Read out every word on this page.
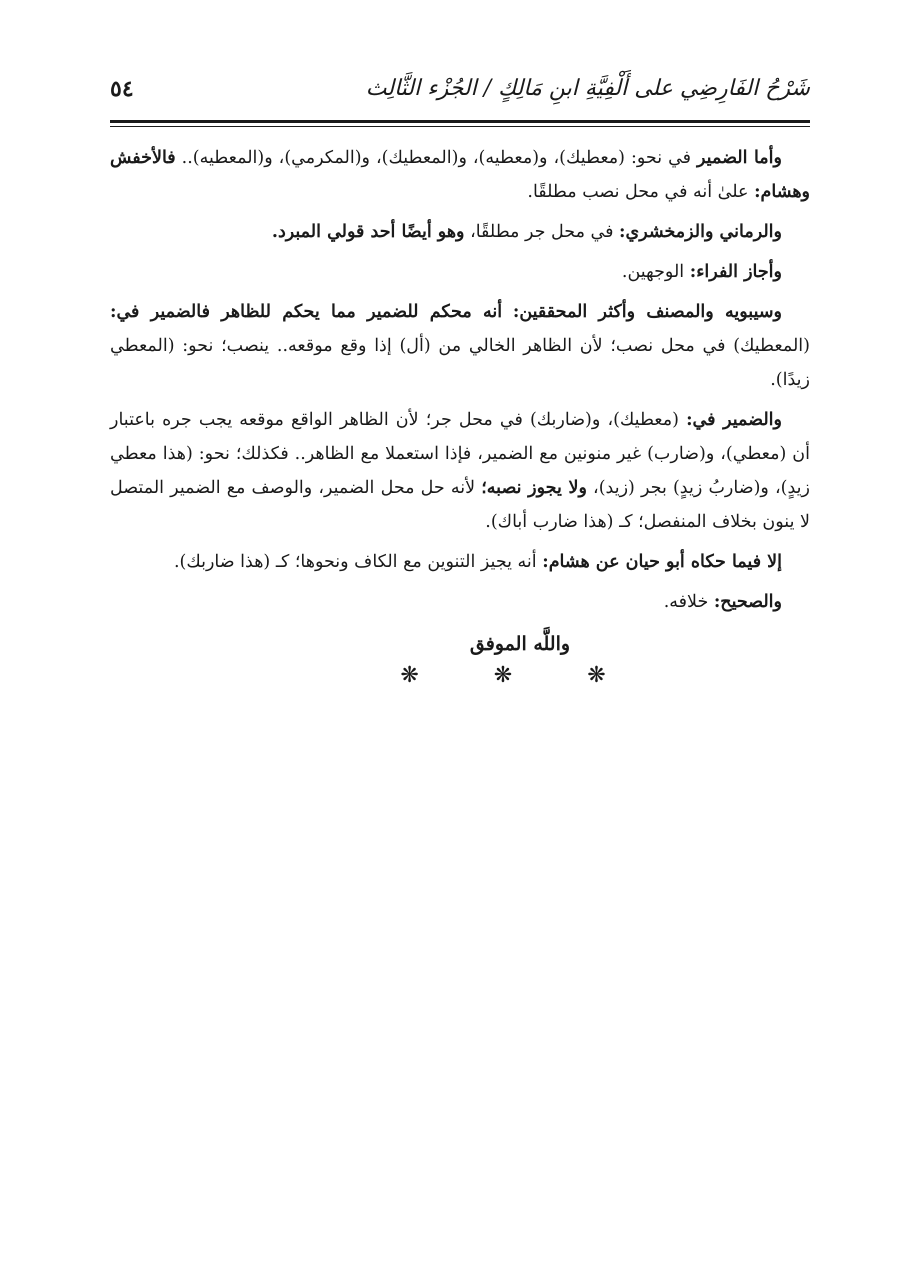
شَرْحُ الفَارِضِي على أَلْفِيَّةِ ابنِ مَالِكٍ / الجُزْء الثَّالِث
٥٤

وأما الضمير في نحو: (معطيك)، و(معطيه)، و(المعطيك)، و(المكرمي)، و(المعطيه).. فالأخفش وهشام: علىٰ أنه في محل نصب مطلقًا.

والرماني والزمخشري: في محل جر مطلقًا، وهو أيضًا أحد قولي المبرد.

وأجاز الفراء: الوجهين.

وسيبويه والمصنف وأكثر المحققين: أنه محكم للضمير مما يحكم للظاهر فالضمير في: (المعطيك) في محل نصب؛ لأن الظاهر الخالي من (أل) إذا وقع موقعه.. ينصب؛ نحو: (المعطي زيدًا).

والضمير في: (معطيك)، و(ضاربك) في محل جر؛ لأن الظاهر الواقع موقعه يجب جره باعتبار أن (معطي)، و(ضارب) غير منونين مع الضمير، فإذا استعملا مع الظاهر.. فكذلك؛ نحو: (هذا معطي زيدٍ)، و(ضاربُ زيدٍ) بجر (زيد)، ولا يجوز نصبه؛ لأنه حل محل الضمير، والوصف مع الضمير المتصل لا ينون بخلاف المنفصل؛ كـ (هذا ضارب أباك).

إلا فيما حكاه أبو حيان عن هشام: أنه يجيز التنوين مع الكاف ونحوها؛ كـ (هذا ضاربك).

والصحيح: خلافه.

واللَّه الموفق
❋ ❋ ❋
